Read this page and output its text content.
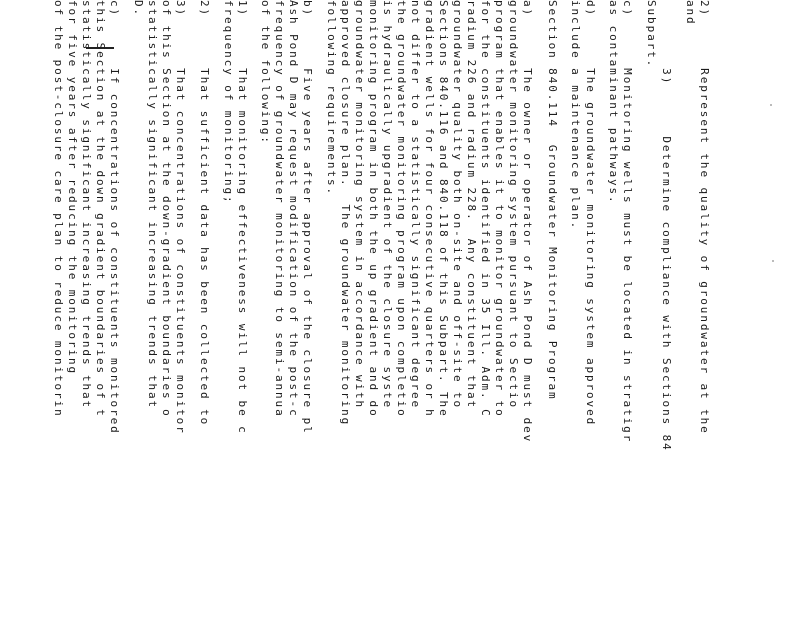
2)      Represent the quality of groundwater at the
and
3)      Determine compliance with Sections 84
Subpart.
c)      Monitoring wells must be located in stratigr
as contaminant pathways.
d)      The groundwater monitoring system approved
include a maintenance plan.
Section 840.114  Groundwater Monitoring Program
a)      The owner or operator of Ash Pond D must dev
groundwater monitoring system pursuant to Sectio
program that enables it to monitor groundwater to
for the constituents identified in 35 Ill. Adm. C
radium 226 and radium 228.  Any constituent that
groundwater quality both on-site and off-site to
Sections 840.116 and 840.118 of this Subpart. The
gradient wells for four consecutive quarters or h
not differ to a statistically significant degree
the groundwater monitoring program upon completio
is hydraulically upgradient of the closure syste
monitoring program in both the up gradient and do
groundwater monitoring system in accordance with
approved closure plan.  The groundwater monitoring
following requirements.
b)      Five years after approval of the closure pl
Ash Pond D may request modification of the post-c
frequency of groundwater monitoring to semi-annua
of the following:
1)      That monitoring effectiveness will not be c
frequency of monitoring;
2)      That sufficient data has been collected to
3)      That concentrations of constituents monitor
of this Section at the down-gradient boundaries o
statistically significant increasing trends that
D.
c)      If concentrations of constituents monitored
this Section at the down gradient boundaries of t
statistically significant increasing trends that
for five years after reducing the monitoring
of the post-closure care plan to reduce monitorin
